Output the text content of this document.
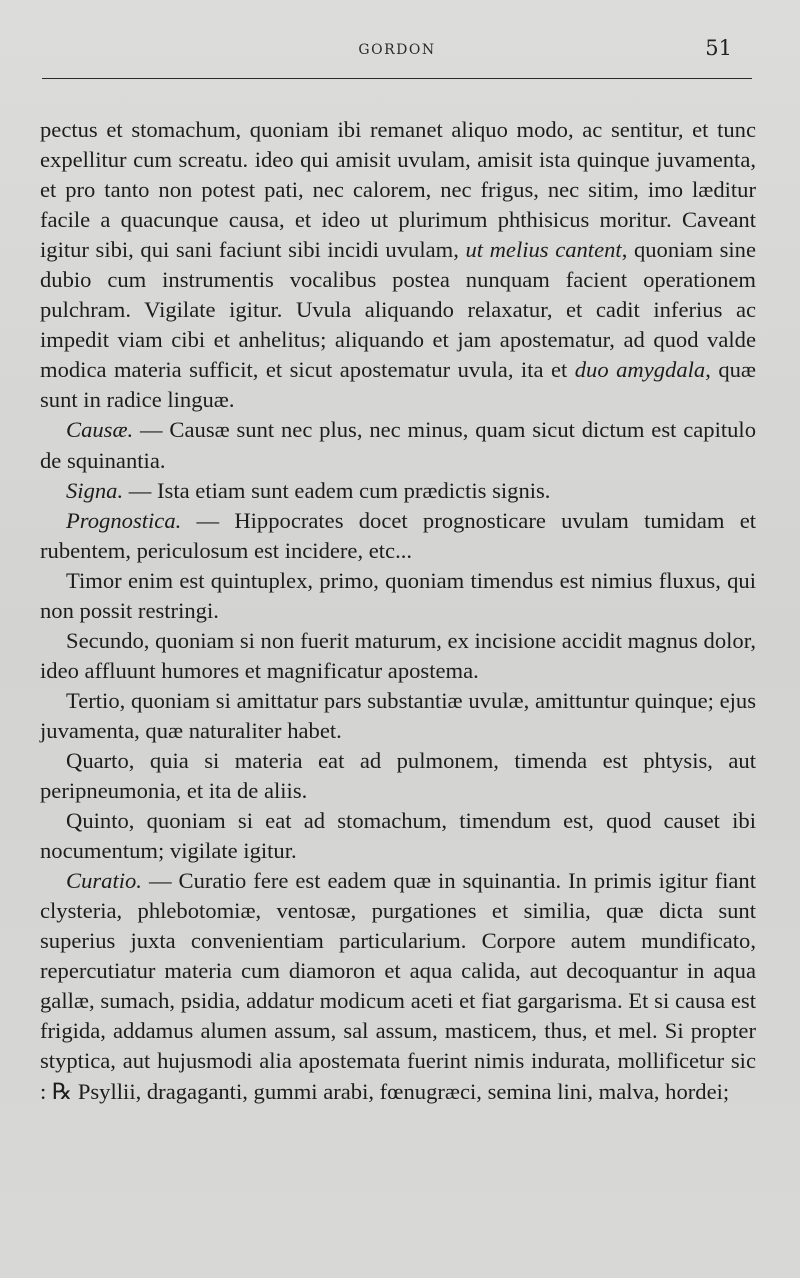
GORDON	51

pectus et stomachum, quoniam ibi remanet aliquo modo, ac sentitur, et tunc expellitur cum screatu. ideo qui amisit uvulam, amisit ista quinque juvamenta, et pro tanto non potest pati, nec calorem, nec frigus, nec sitim, imo læditur facile a quacunque causa, et ideo ut plurimum phthisicus moritur. Caveant igitur sibi, qui sani faciunt sibi incidi uvulam, ut melius cantent, quoniam sine dubio cum instrumentis vocalibus postea nunquam facient operationem pulchram. Vigilate igitur. Uvula aliquando relaxatur, et cadit inferius ac impedit viam cibi et anhelitus; aliquando et jam apostematur, ad quod valde modica materia sufficit, et sicut apostematur uvula, ita et duo amygdala, quæ sunt in radice linguæ.

Causæ. — Causæ sunt nec plus, nec minus, quam sicut dictum est capitulo de squinantia.

Signa. — Ista etiam sunt eadem cum prædictis signis.

Prognostica. — Hippocrates docet prognosticare uvulam tumidam et rubentem, periculosum est incidere, etc...

Timor enim est quintuplex, primo, quoniam timendus est nimius fluxus, qui non possit restringi.

Secundo, quoniam si non fuerit maturum, ex incisione accidit magnus dolor, ideo affluunt humores et magnificatur apostema.

Tertio, quoniam si amittatur pars substantiæ uvulæ, amittuntur quinque; ejus juvamenta, quæ naturaliter habet.

Quarto, quia si materia eat ad pulmonem, timenda est phtysis, aut peripneumonia, et ita de aliis.

Quinto, quoniam si eat ad stomachum, timendum est, quod causet ibi nocumentum; vigilate igitur.

Curatio. — Curatio fere est eadem quæ in squinantia. In primis igitur fiant clysteria, phlebotomiæ, ventosæ, purgationes et similia, quæ dicta sunt superius juxta convenientiam particularium. Corpore autem mundificato, repercutiatur materia cum diamoron et aqua calida, aut decoquantur in aqua gallæ, sumach, psidia, addatur modicum aceti et fiat gargarisma. Et si causa est frigida, addamus alumen assum, sal assum, masticem, thus, et mel. Si propter styptica, aut hujusmodi alia apostemata fuerint nimis indurata, mollificetur sic : ℞ Psyllii, dragaganti, gummi arabi, fœnugræci, semina lini, malva, hordei;
